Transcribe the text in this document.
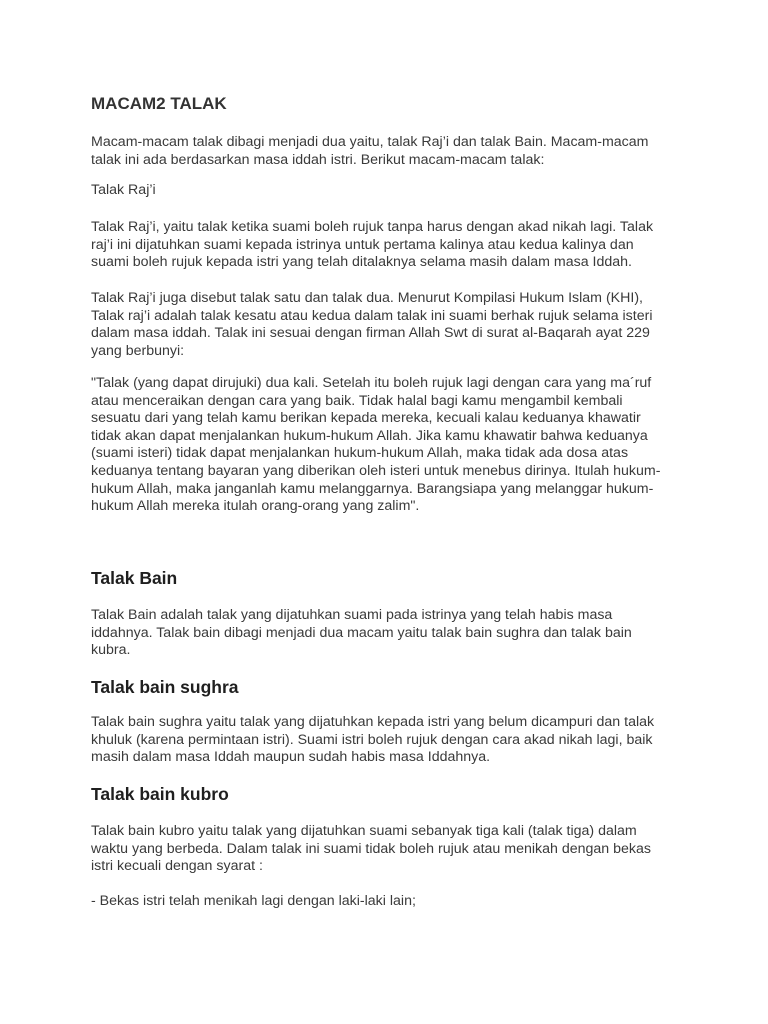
MACAM2 TALAK

Macam-macam talak dibagi menjadi dua yaitu, talak Raj’i dan talak Bain. Macam-macam
talak ini ada berdasarkan masa iddah istri. Berikut macam-macam talak:

Talak Raj’i

Talak Raj’i, yaitu talak ketika suami boleh rujuk tanpa harus dengan akad nikah lagi. Talak
raj’i ini dijatuhkan suami kepada istrinya untuk pertama kalinya atau kedua kalinya dan
suami boleh rujuk kepada istri yang telah ditalaknya selama masih dalam masa Iddah.

Talak Raj’i juga disebut talak satu dan talak dua. Menurut Kompilasi Hukum Islam (KHI),
Talak raj’i adalah talak kesatu atau kedua dalam talak ini suami berhak rujuk selama isteri
dalam masa iddah. Talak ini sesuai dengan firman Allah Swt di surat al-Baqarah ayat 229
yang berbunyi:

"Talak (yang dapat dirujuki) dua kali. Setelah itu boleh rujuk lagi dengan cara yang ma´ruf
atau menceraikan dengan cara yang baik. Tidak halal bagi kamu mengambil kembali
sesuatu dari yang telah kamu berikan kepada mereka, kecuali kalau keduanya khawatir
tidak akan dapat menjalankan hukum-hukum Allah. Jika kamu khawatir bahwa keduanya
(suami isteri) tidak dapat menjalankan hukum-hukum Allah, maka tidak ada dosa atas
keduanya tentang bayaran yang diberikan oleh isteri untuk menebus dirinya. Itulah hukum-
hukum Allah, maka janganlah kamu melanggarnya. Barangsiapa yang melanggar hukum-
hukum Allah mereka itulah orang-orang yang zalim".

Talak Bain

Talak Bain adalah talak yang dijatuhkan suami pada istrinya yang telah habis masa
iddahnya. Talak bain dibagi menjadi dua macam yaitu talak bain sughra dan talak bain
kubra.

Talak bain sughra

Talak bain sughra yaitu talak yang dijatuhkan kepada istri yang belum dicampuri dan talak
khuluk (karena permintaan istri). Suami istri boleh rujuk dengan cara akad nikah lagi, baik
masih dalam masa Iddah maupun sudah habis masa Iddahnya.

Talak bain kubro

Talak bain kubro yaitu talak yang dijatuhkan suami sebanyak tiga kali (talak tiga) dalam
waktu yang berbeda. Dalam talak ini suami tidak boleh rujuk atau menikah dengan bekas
istri kecuali dengan syarat :

- Bekas istri telah menikah lagi dengan laki-laki lain;
